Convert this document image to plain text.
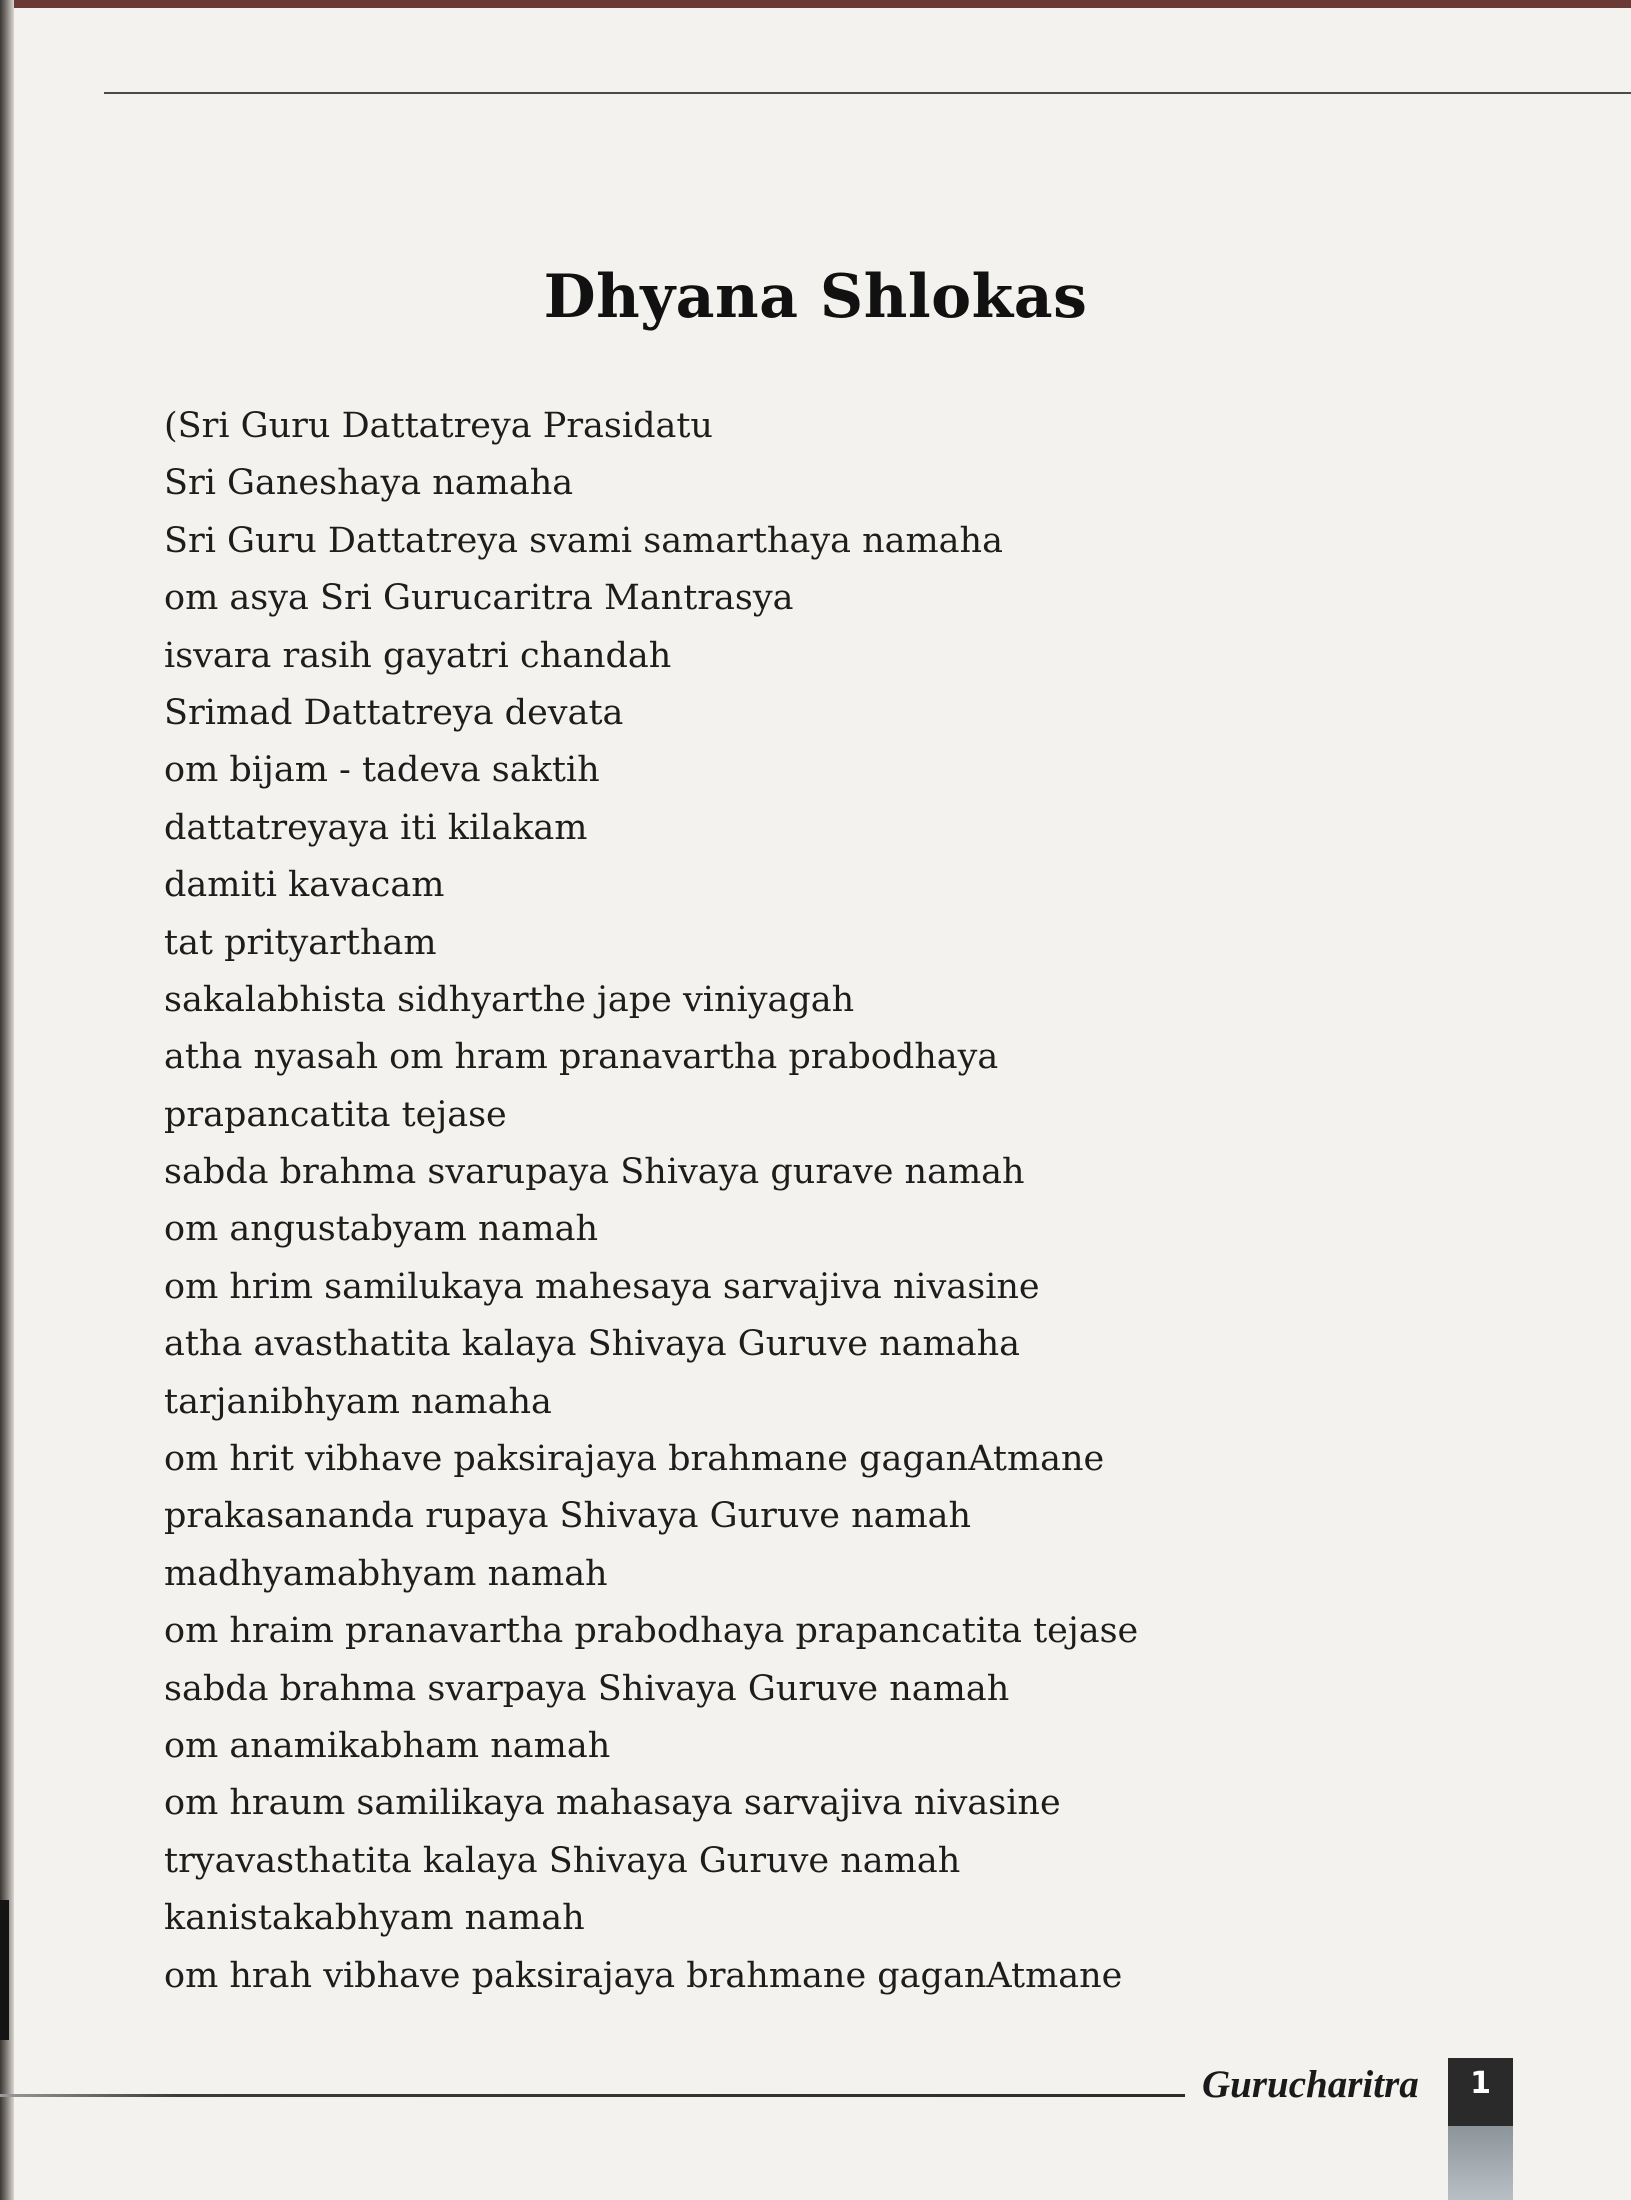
Dhyana Shlokas
(Sri Guru Dattatreya Prasidatu
Sri Ganeshaya namaha
Sri Guru Dattatreya svami samarthaya namaha
om asya Sri Gurucaritra Mantrasya
isvara rasih gayatri chandah
Srimad Dattatreya devata
om bijam - tadeva saktih
dattatreyaya iti kilakam
damiti kavacam
tat prityartham
sakalabhista sidhyarthe jape viniyagah
atha nyasah om hram pranavartha prabodhaya
prapancatita tejase
sabda brahma svarupaya Shivaya gurave namah
om angustabyam namah
om hrim samilukaya mahesaya sarvajiva nivasine
atha avasthatita kalaya Shivaya Guruve namaha
tarjanibhyam namaha
om hrit vibhave paksirajaya brahmane gaganAtmane
prakasananda rupaya Shivaya Guruve namah
madhyamabhyam namah
om hraim pranavartha prabodhaya prapancatita tejase
sabda brahma svarpaya Shivaya Guruve namah
om anamikabham namah
om hraum samilikaya mahasaya sarvajiva nivasine
tryavasthatita kalaya Shivaya Guruve namah
kanistakabhyam namah
om hrah vibhave paksirajaya brahmane gaganAtmane
Gurucharitra	1
